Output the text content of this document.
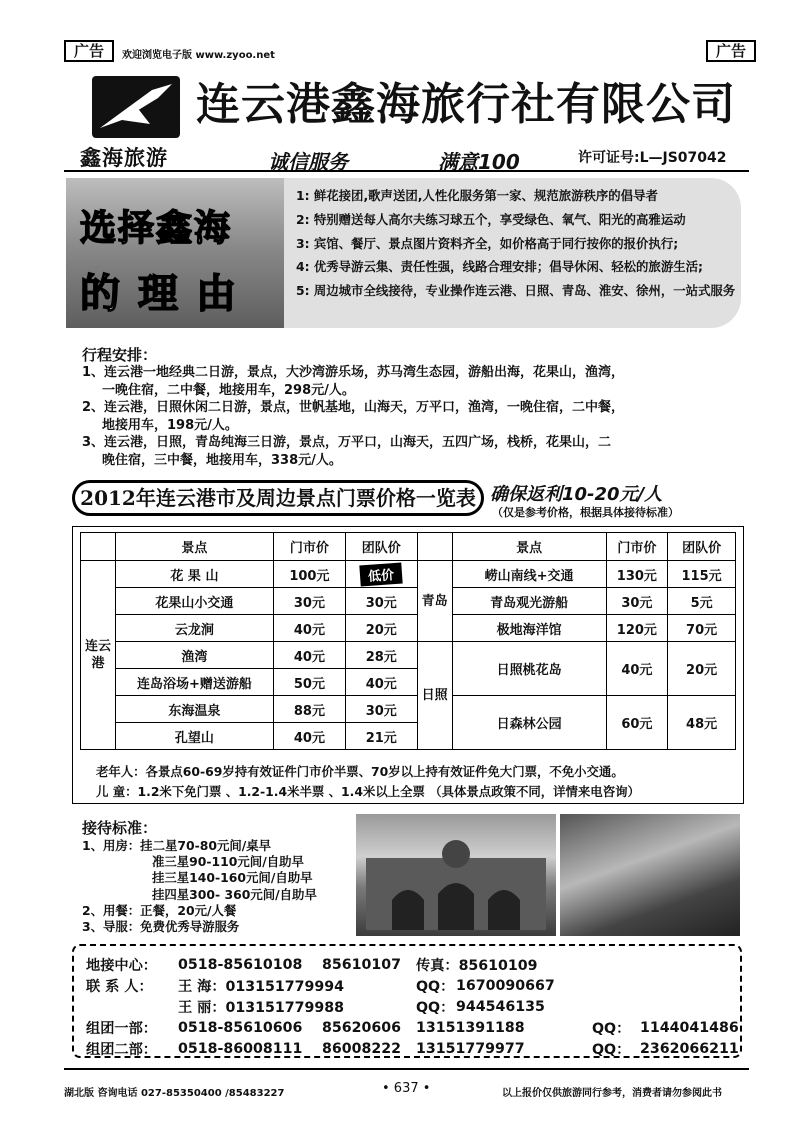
广告	欢迎浏览电子版 www.zyoo.net	广告
鑫海旅游
连云港鑫海旅行社有限公司
诚信服务	满意100	许可证号:L—JS07042
选择鑫海
的理由
1: 鲜花接团,歌声送团,人性化服务第一家、规范旅游秩序的倡导者
2: 特别赠送每人高尔夫练习球五个，享受绿色、氧气、阳光的高雅运动
3: 宾馆、餐厅、景点图片资料齐全，如价格高于同行按你的报价执行;
4: 优秀导游云集、责任性强，线路合理安排；倡导休闲、轻松的旅游生活;
5: 周边城市全线接待，专业操作连云港、日照、青岛、淮安、徐州，一站式服务
行程安排：
1、连云港一地经典二日游，景点，大沙湾游乐场，苏马湾生态园，游船出海，花果山，渔湾，
一晚住宿，二中餐，地接用车，298元/人。
2、连云港，日照休闲二日游，景点，世帆基地，山海天，万平口，渔湾，一晚住宿，二中餐，
地接用车，198元/人。
3、连云港，日照，青岛纯海三日游，景点，万平口，山海天，五四广场，栈桥，花果山，二
晚住宿，三中餐，地接用车，338元/人。
2012年连云港市及周边景点门票价格一览表 确保返利10-20元/人
（仅是参考价格，根据具体接待标准）
	景点	门市价	团队价		景点	门市价	团队价
连云港	花 果 山	100元	低价	青岛	崂山南线+交通	130元	115元
	花果山小交通	30元	30元		青岛观光游船	30元	5元
	云龙涧	40元	20元		极地海洋馆	120元	70元
	渔湾	40元	28元	日照	日照桃花岛	40元	20元
	连岛浴场+赠送游船	50元	40元				
	东海温泉	88元	30元		日森林公园	60元	48元
	孔望山	40元	21元				
老年人：各景点60-69岁持有效证件门市价半票、70岁以上持有效证件免大门票，不免小交通。
儿 童：1.2米下免门票 、1.2-1.4米半票 、1.4米以上全票 （具体景点政策不同，详情来电咨询）
接待标准：
1、用房：挂二星70-80元间/桌早
准三星90-110元间/自助早
挂三星140-160元间/自助早
挂四星300- 360元间/自助早
2、用餐：正餐，20元/人餐
3、导服：免费优秀导游服务
地接中心：	0518-85610108	85610107	传真：85610109
联 系 人：	王 海：013151779994	QQ： 1670090667
王 丽：013151779988	QQ： 944546135
组团一部：	0518-85610606	85620606	13151391188	QQ： 1144041486
组团二部：	0518-86008111	86008222	13151779977	QQ： 2362066211
湖北版 咨询电话 027-85350400 /85483227	• 637 •	以上报价仅供旅游同行参考，消费者请勿参阅此书
